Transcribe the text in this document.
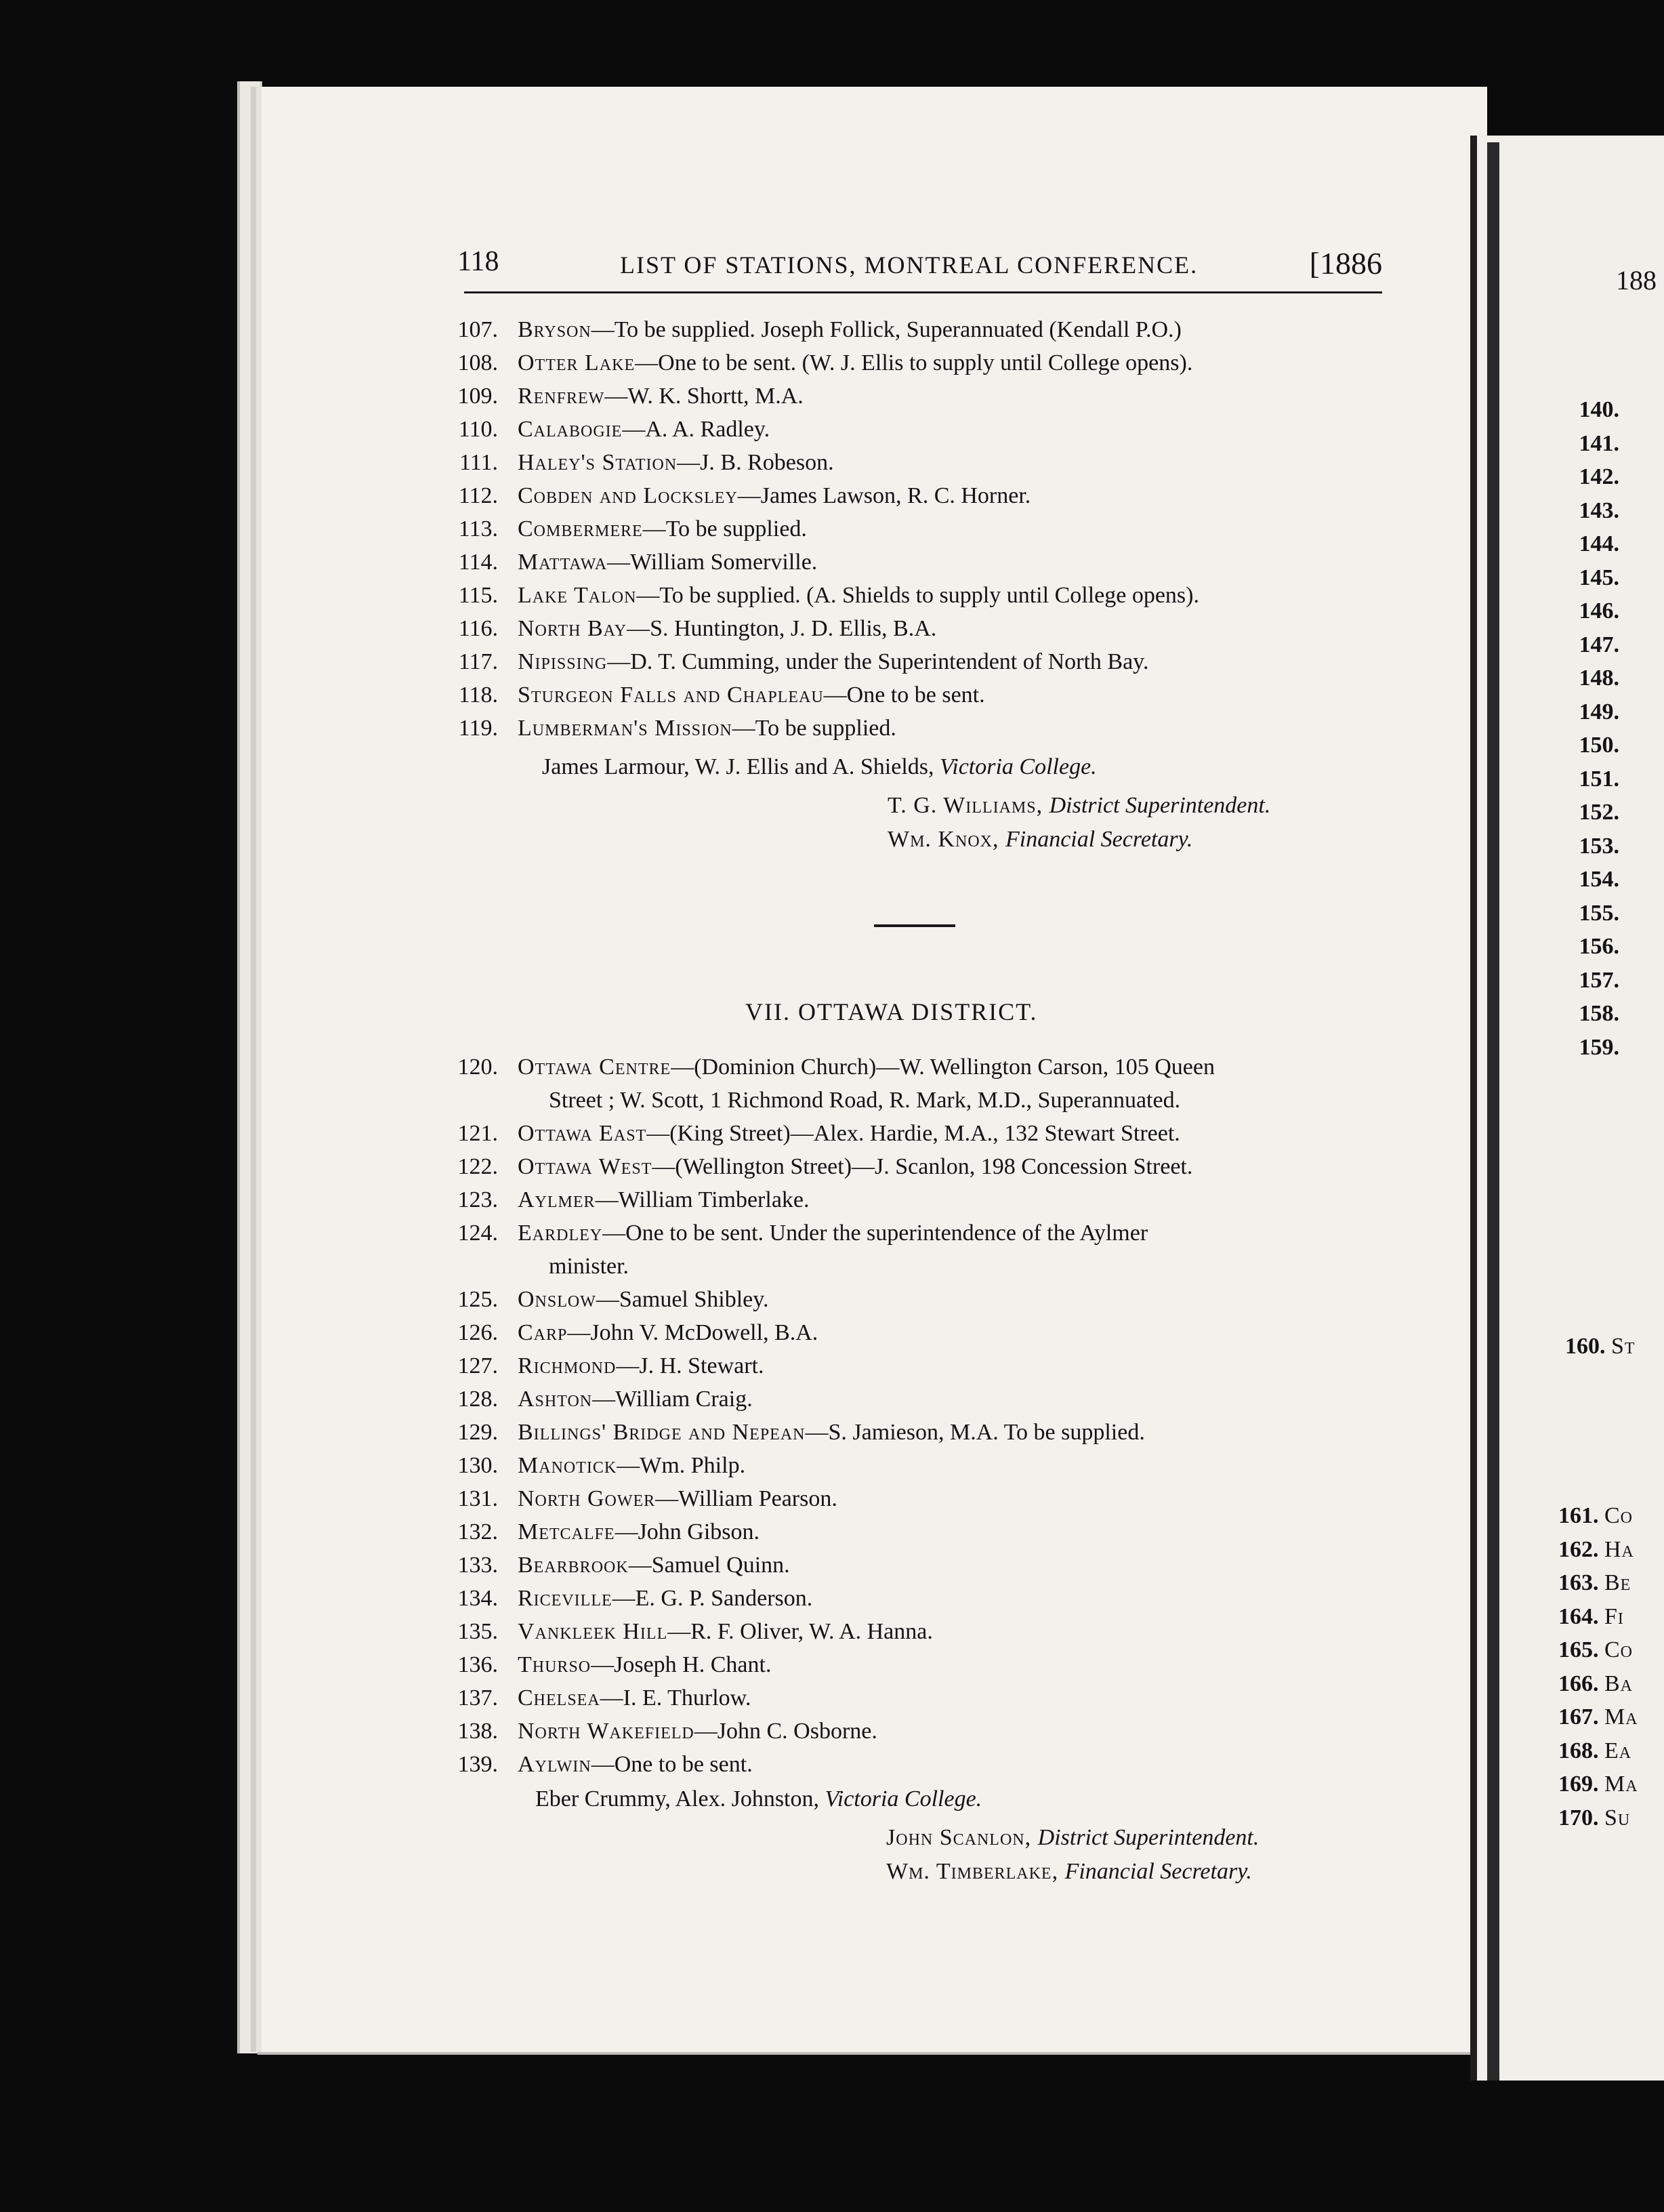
118	LIST OF STATIONS, MONTREAL CONFERENCE.	[1886
107. Bryson—To be supplied. Joseph Follick, Superannuated (Kendall P.O.)
108. Otter Lake—One to be sent. (W. J. Ellis to supply until College opens).
109. Renfrew—W. K. Shortt, M.A.
110. Calabogie—A. A. Radley.
111. Haley's Station—J. B. Robeson.
112. Cobden and Locksley—James Lawson, R. C. Horner.
113. Combermere—To be supplied.
114. Mattawa—William Somerville.
115. Lake Talon—To be supplied. (A. Shields to supply until College opens).
116. North Bay—S. Huntington, J. D. Ellis, B.A.
117. Nipissing—D. T. Cumming, under the Superintendent of North Bay.
118. Sturgeon Falls and Chapleau—One to be sent.
119. Lumberman's Mission—To be supplied.
James Larmour, W. J. Ellis and A. Shields, Victoria College.
T. G. Williams, District Superintendent.
Wm. Knox, Financial Secretary.
VII. OTTAWA DISTRICT.
120. Ottawa Centre—(Dominion Church)—W. Wellington Carson, 105 Queen
Street ; W. Scott, 1 Richmond Road, R. Mark, M.D., Superannuated.
121. Ottawa East—(King Street)—Alex. Hardie, M.A., 132 Stewart Street.
122. Ottawa West—(Wellington Street)—J. Scanlon, 198 Concession Street.
123. Aylmer—William Timberlake.
124. Eardley—One to be sent. Under the superintendence of the Aylmer
minister.
125. Onslow—Samuel Shibley.
126. Carp—John V. McDowell, B.A.
127. Richmond—J. H. Stewart.
128. Ashton—William Craig.
129. Billings' Bridge and Nepean—S. Jamieson, M.A. To be supplied.
130. Manotick—Wm. Philp.
131. North Gower—William Pearson.
132. Metcalfe—John Gibson.
133. Bearbrook—Samuel Quinn.
134. Riceville—E. G. P. Sanderson.
135. Vankleek Hill—R. F. Oliver, W. A. Hanna.
136. Thurso—Joseph H. Chant.
137. Chelsea—I. E. Thurlow.
138. North Wakefield—John C. Osborne.
139. Aylwin—One to be sent.
Eber Crummy, Alex. Johnston, Victoria College.
John Scanlon, District Superintendent.
Wm. Timberlake, Financial Secretary.
188
140.
141.
142.
143.
144.
145.
146.
147.
148.
149.
150.
151.
152.
153.
154.
155.
156.
157.
158.
159.
160. St
161. Co
162. Ha
163. Be
164. Fi
165. Co
166. Ba
167. Ma
168. Ea
169. Ma
170. Su
